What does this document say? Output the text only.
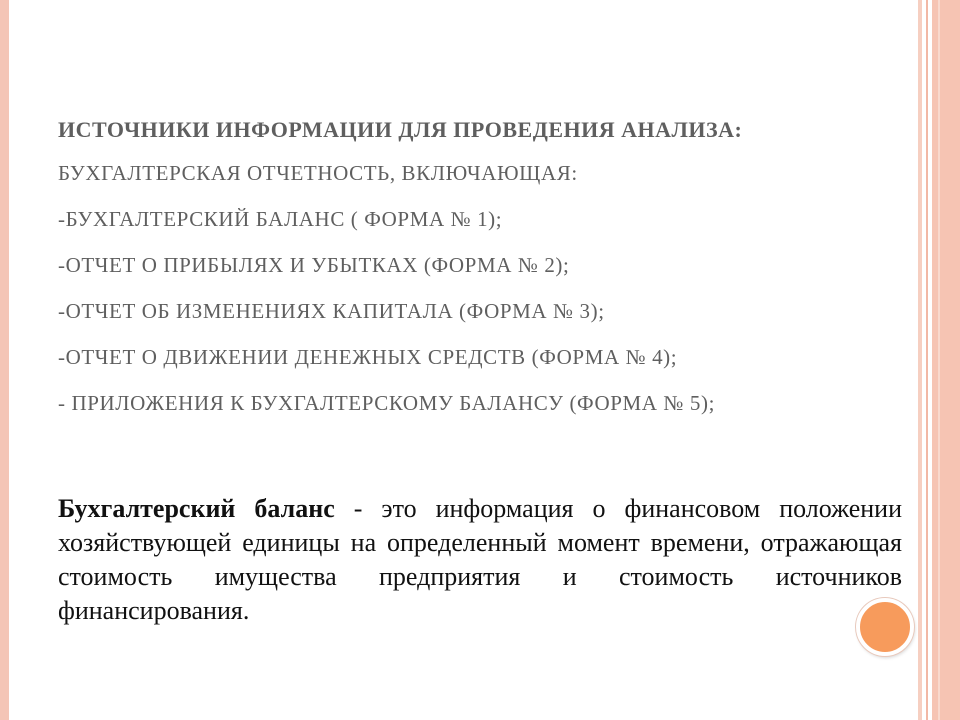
ИСТОЧНИКИ ИНФОРМАЦИИ ДЛЯ ПРОВЕДЕНИЯ АНАЛИЗА:
БУХГАЛТЕРСКАЯ ОТЧЕТНОСТЬ, ВКЛЮЧАЮЩАЯ:
-БУХГАЛТЕРСКИЙ БАЛАНС ( ФОРМА № 1);
-ОТЧЕТ О ПРИБЫЛЯХ И УБЫТКАХ (ФОРМА № 2);
-ОТЧЕТ ОБ ИЗМЕНЕНИЯХ КАПИТАЛА (ФОРМА № 3);
-ОТЧЕТ О ДВИЖЕНИИ ДЕНЕЖНЫХ СРЕДСТВ (ФОРМА № 4);
- ПРИЛОЖЕНИЯ К БУХГАЛТЕРСКОМУ БАЛАНСУ (ФОРМА № 5);

Бухгалтерский баланс - это информация о финансовом положении хозяйствующей единицы на определенный момент времени, отражающая стоимость имущества предприятия и стоимость источников финансирования.
